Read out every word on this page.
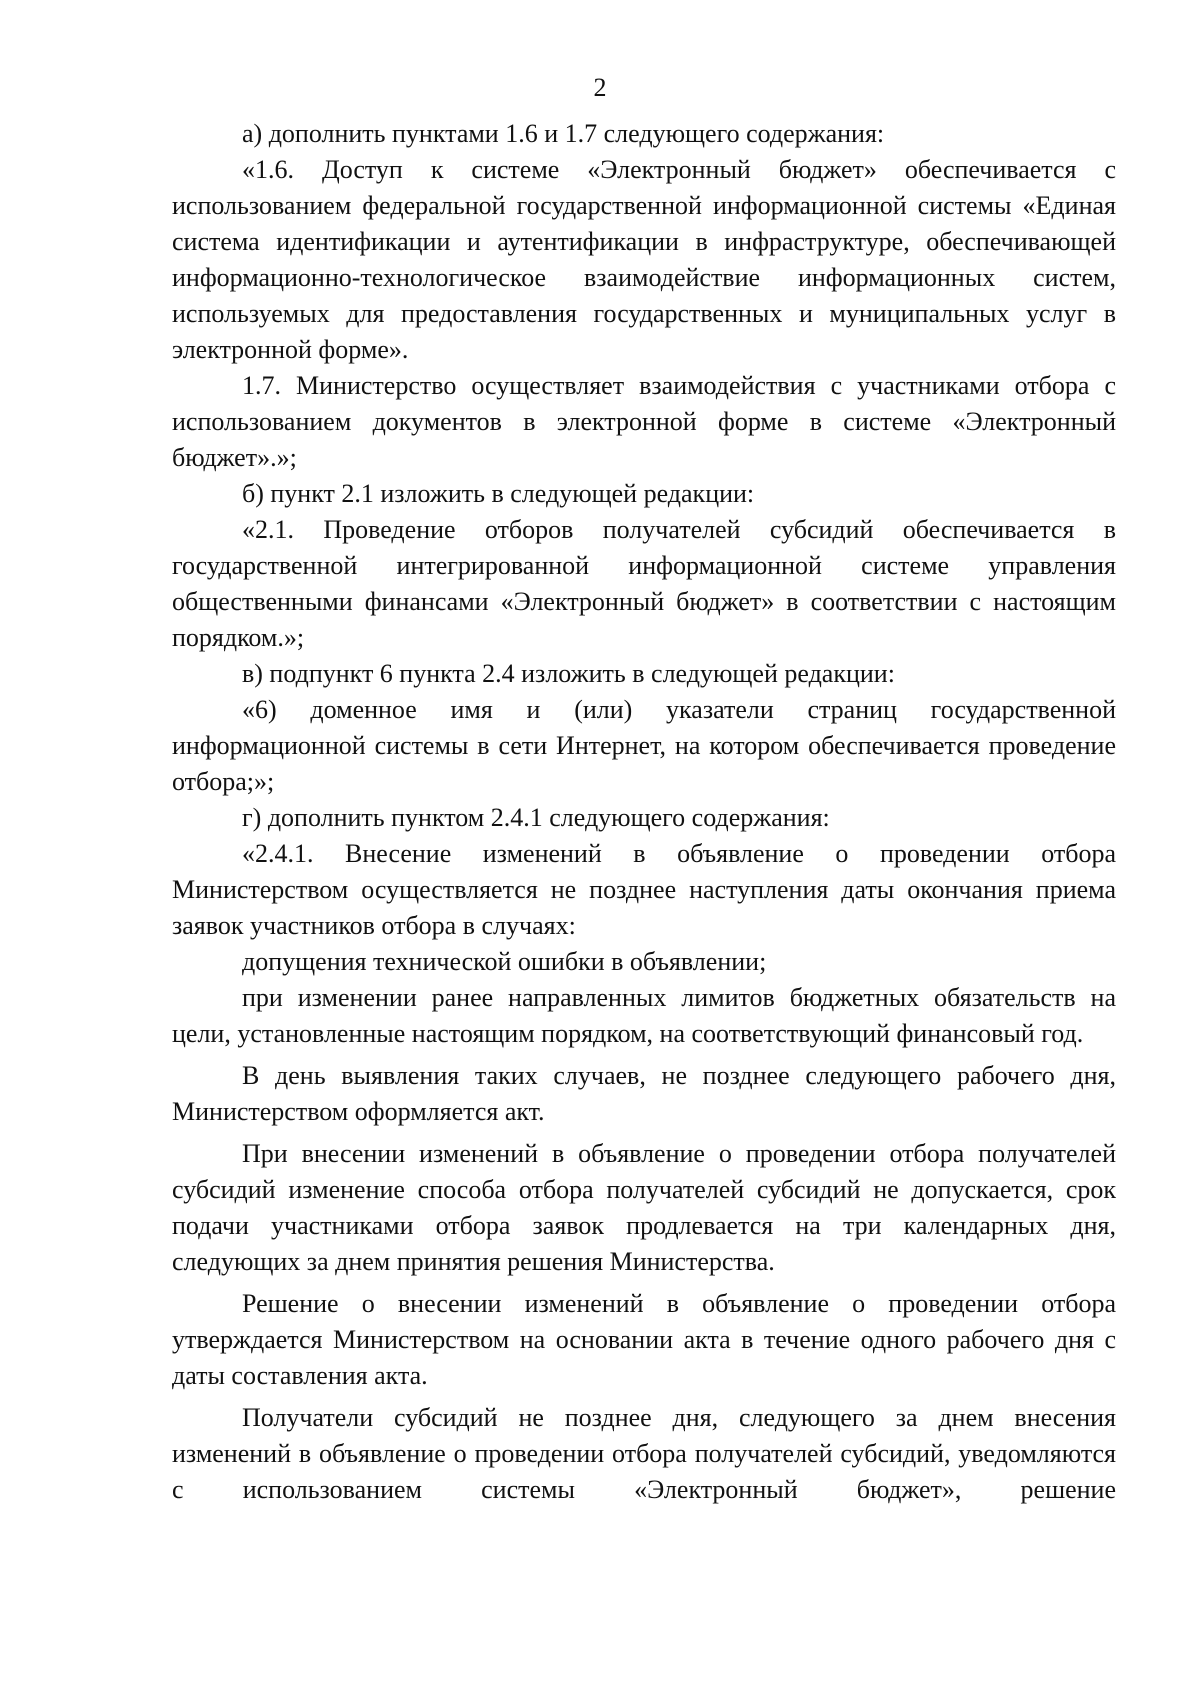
2

а) дополнить пунктами 1.6 и 1.7 следующего содержания:

«1.6. Доступ к системе «Электронный бюджет» обеспечивается с использованием федеральной государственной информационной системы «Единая система идентификации и аутентификации в инфраструктуре, обеспечивающей информационно-технологическое взаимодействие информационных систем, используемых для предоставления государственных и муниципальных услуг в электронной форме».

1.7. Министерство осуществляет взаимодействия с участниками отбора с использованием документов в электронной форме в системе «Электронный бюджет».»;

б) пункт 2.1 изложить в следующей редакции:

«2.1. Проведение отборов получателей субсидий обеспечивается в государственной интегрированной информационной системе управления общественными финансами «Электронный бюджет» в соответствии с настоящим порядком.»;

в) подпункт 6 пункта 2.4 изложить в следующей редакции:

«6) доменное имя и (или) указатели страниц государственной информационной системы в сети Интернет, на котором обеспечивается проведение отбора;»;

г) дополнить пунктом 2.4.1 следующего содержания:

«2.4.1. Внесение изменений в объявление о проведении отбора Министерством осуществляется не позднее наступления даты окончания приема заявок участников отбора в случаях:

допущения технической ошибки в объявлении;

при изменении ранее направленных лимитов бюджетных обязательств на цели, установленные настоящим порядком, на соответствующий финансовый год.

В день выявления таких случаев, не позднее следующего рабочего дня, Министерством оформляется акт.

При внесении изменений в объявление о проведении отбора получателей субсидий изменение способа отбора получателей субсидий не допускается, срок подачи участниками отбора заявок продлевается на три календарных дня, следующих за днем принятия решения Министерства.

Решение о внесении изменений в объявление о проведении отбора утверждается Министерством на основании акта в течение одного рабочего дня с даты составления акта.

Получатели субсидий не позднее дня, следующего за днем внесения изменений в объявление о проведении отбора получателей субсидий, уведомляются с использованием системы «Электронный бюджет», решение
